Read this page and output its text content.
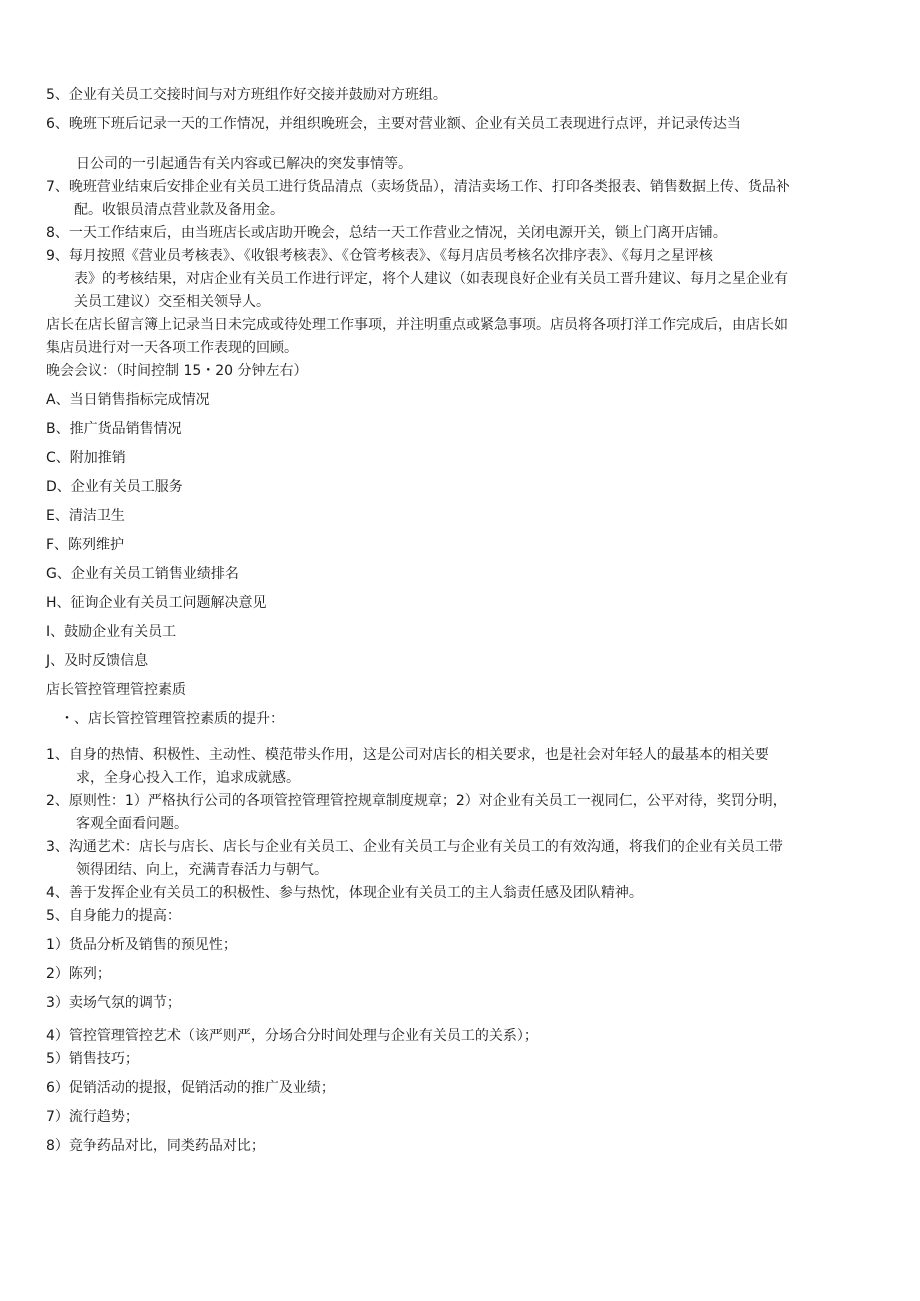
5、企业有关员工交接时间与对方班组作好交接并鼓励对方班组。
6、晚班下班后记录一天的工作情况，并组织晚班会，主要对营业额、企业有关员工表现进行点评，并记录传达当
日公司的一引起通告有关内容或已解决的突发事情等。
7、晚班营业结束后安排企业有关员工进行货品清点（卖场货品），清洁卖场工作、打印各类报表、销售数据上传、货品补
配。收银员清点营业款及备用金。
8、一天工作结束后，由当班店长或店助开晚会，总结一天工作营业之情况，关闭电源开关，锁上门离开店铺。
9、每月按照《营业员考核表》、《收银考核表》、《仓管考核表》、《每月店员考核名次排序表》、《每月之星评核
表》的考核结果，对店企业有关员工作进行评定，将个人建议（如表现良好企业有关员工晋升建议、每月之星企业有
关员工建议）交至相关领导人。
店长在店长留言簿上记录当日未完成或待处理工作事项，并注明重点或紧急事项。店员将各项打洋工作完成后，由店长如
集店员进行对一天各项工作表现的回顾。
晚会会议：（时间控制 15・20 分钟左右）
A、当日销售指标完成情况
B、推广货品销售情况
C、附加推销
D、企业有关员工服务
E、清洁卫生
F、陈列维护
G、企业有关员工销售业绩排名
H、征询企业有关员工问题解决意见
I、鼓励企业有关员工
J、及时反馈信息
店长管控管理管控素质
・、店长管控管理管控素质的提升：
1、自身的热情、积极性、主动性、模范带头作用，这是公司对店长的相关要求，也是社会对年轻人的最基本的相关要
求，全身心投入工作，追求成就感。
2、原则性：1）严格执行公司的各项管控管理管控规章制度规章；2）对企业有关员工一视同仁，公平对待，奖罚分明，
客观全面看问题。
3、沟通艺术：店长与店长、店长与企业有关员工、企业有关员工与企业有关员工的有效沟通，将我们的企业有关员工带
领得团结、向上，充满青春活力与朝气。
4、善于发挥企业有关员工的积极性、参与热忱，体现企业有关员工的主人翁责任感及团队精神。
5、自身能力的提高：
1）货品分析及销售的预见性；
2）陈列；
3）卖场气氛的调节；
4）管控管理管控艺术（该严则严，分场合分时间处理与企业有关员工的关系）；
5）销售技巧；
6）促销活动的提报，促销活动的推广及业绩；
7）流行趋势；
8）竞争药品对比，同类药品对比；
